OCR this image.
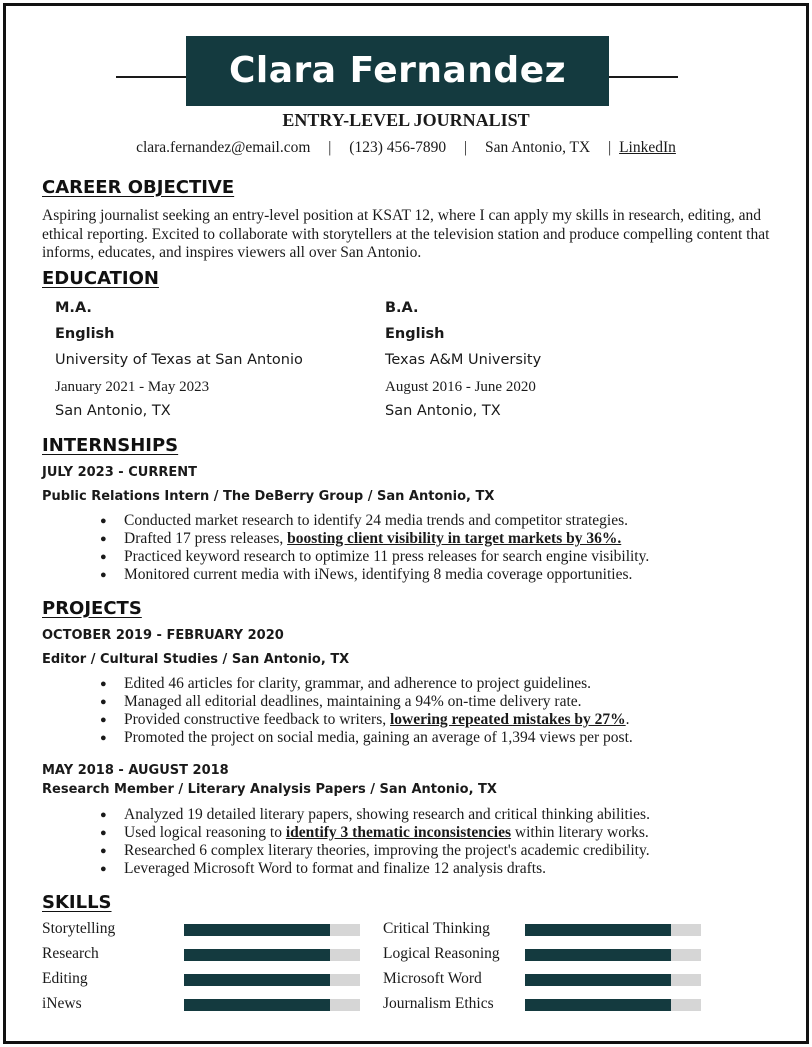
Clara Fernandez
ENTRY-LEVEL JOURNALIST
clara.fernandez@email.com | (123) 456-7890 | San Antonio, TX | LinkedIn
CAREER OBJECTIVE
Aspiring journalist seeking an entry-level position at KSAT 12, where I can apply my skills in research, editing, and ethical reporting. Excited to collaborate with storytellers at the television station and produce compelling content that informs, educates, and inspires viewers all over San Antonio.
EDUCATION
M.A.
English
University of Texas at San Antonio
January 2021 - May 2023
San Antonio, TX
B.A.
English
Texas A&M University
August 2016 - June 2020
San Antonio, TX
INTERNSHIPS
JULY 2023 - CURRENT
Public Relations Intern / The DeBerry Group / San Antonio, TX
● Conducted market research to identify 24 media trends and competitor strategies.
● Drafted 17 press releases, boosting client visibility in target markets by 36%.
● Practiced keyword research to optimize 11 press releases for search engine visibility.
● Monitored current media with iNews, identifying 8 media coverage opportunities.
PROJECTS
OCTOBER 2019 - FEBRUARY 2020
Editor / Cultural Studies / San Antonio, TX
● Edited 46 articles for clarity, grammar, and adherence to project guidelines.
● Managed all editorial deadlines, maintaining a 94% on-time delivery rate.
● Provided constructive feedback to writers, lowering repeated mistakes by 27%.
● Promoted the project on social media, gaining an average of 1,394 views per post.
MAY 2018 - AUGUST 2018
Research Member / Literary Analysis Papers / San Antonio, TX
● Analyzed 19 detailed literary papers, showing research and critical thinking abilities.
● Used logical reasoning to identify 3 thematic inconsistencies within literary works.
● Researched 6 complex literary theories, improving the project's academic credibility.
● Leveraged Microsoft Word to format and finalize 12 analysis drafts.
SKILLS
Storytelling
Research
Editing
iNews
Critical Thinking
Logical Reasoning
Microsoft Word
Journalism Ethics
